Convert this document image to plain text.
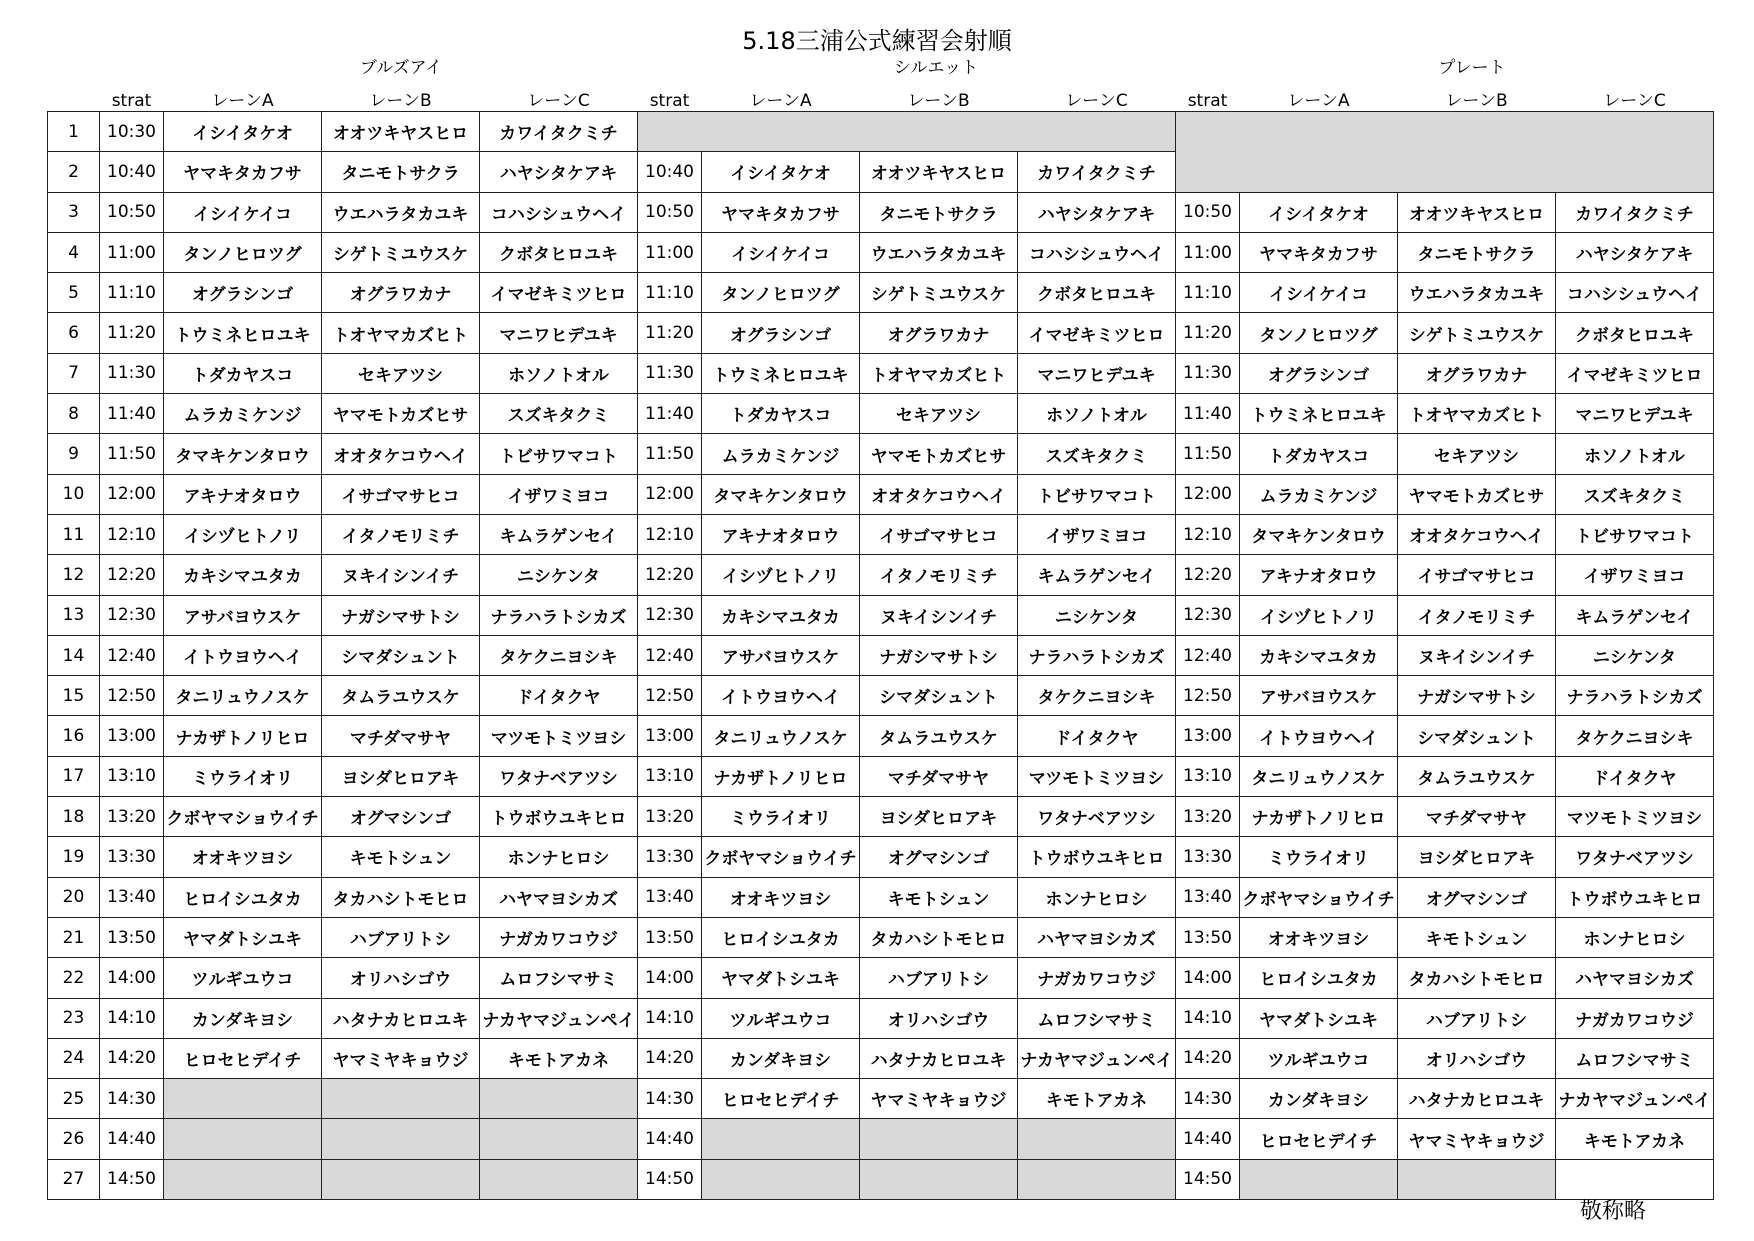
5.18三浦公式練習会射順
ブルズアイ	シルエット	プレート
	strat	レーンA	レーンB	レーンC	strat	レーンA	レーンB	レーンC	strat	レーンA	レーンB	レーンC
1	10:30	イシイタケオ	オオツキヤスヒロ	カワイタクミチ								
2	10:40	ヤマキタカフサ	タニモトサクラ	ハヤシタケアキ	10:40	イシイタケオ	オオツキヤスヒロ	カワイタクミチ				
3	10:50	イシイケイコ	ウエハラタカユキ	コハシシュウヘイ	10:50	ヤマキタカフサ	タニモトサクラ	ハヤシタケアキ	10:50	イシイタケオ	オオツキヤスヒロ	カワイタクミチ
4	11:00	タンノヒロツグ	シゲトミユウスケ	クボタヒロユキ	11:00	イシイケイコ	ウエハラタカユキ	コハシシュウヘイ	11:00	ヤマキタカフサ	タニモトサクラ	ハヤシタケアキ
5	11:10	オグラシンゴ	オグラワカナ	イマゼキミツヒロ	11:10	タンノヒロツグ	シゲトミユウスケ	クボタヒロユキ	11:10	イシイケイコ	ウエハラタカユキ	コハシシュウヘイ
6	11:20	トウミネヒロユキ	トオヤマカズヒト	マニワヒデユキ	11:20	オグラシンゴ	オグラワカナ	イマゼキミツヒロ	11:20	タンノヒロツグ	シゲトミユウスケ	クボタヒロユキ
7	11:30	トダカヤスコ	セキアツシ	ホソノトオル	11:30	トウミネヒロユキ	トオヤマカズヒト	マニワヒデユキ	11:30	オグラシンゴ	オグラワカナ	イマゼキミツヒロ
8	11:40	ムラカミケンジ	ヤマモトカズヒサ	スズキタクミ	11:40	トダカヤスコ	セキアツシ	ホソノトオル	11:40	トウミネヒロユキ	トオヤマカズヒト	マニワヒデユキ
9	11:50	タマキケンタロウ	オオタケコウヘイ	トビサワマコト	11:50	ムラカミケンジ	ヤマモトカズヒサ	スズキタクミ	11:50	トダカヤスコ	セキアツシ	ホソノトオル
10	12:00	アキナオタロウ	イサゴマサヒコ	イザワミヨコ	12:00	タマキケンタロウ	オオタケコウヘイ	トビサワマコト	12:00	ムラカミケンジ	ヤマモトカズヒサ	スズキタクミ
11	12:10	イシヅヒトノリ	イタノモリミチ	キムラゲンセイ	12:10	アキナオタロウ	イサゴマサヒコ	イザワミヨコ	12:10	タマキケンタロウ	オオタケコウヘイ	トビサワマコト
12	12:20	カキシマユタカ	ヌキイシンイチ	ニシケンタ	12:20	イシヅヒトノリ	イタノモリミチ	キムラゲンセイ	12:20	アキナオタロウ	イサゴマサヒコ	イザワミヨコ
13	12:30	アサバヨウスケ	ナガシマサトシ	ナラハラトシカズ	12:30	カキシマユタカ	ヌキイシンイチ	ニシケンタ	12:30	イシヅヒトノリ	イタノモリミチ	キムラゲンセイ
14	12:40	イトウヨウヘイ	シマダシュント	タケクニヨシキ	12:40	アサバヨウスケ	ナガシマサトシ	ナラハラトシカズ	12:40	カキシマユタカ	ヌキイシンイチ	ニシケンタ
15	12:50	タニリュウノスケ	タムラユウスケ	ドイタクヤ	12:50	イトウヨウヘイ	シマダシュント	タケクニヨシキ	12:50	アサバヨウスケ	ナガシマサトシ	ナラハラトシカズ
16	13:00	ナカザトノリヒロ	マチダマサヤ	マツモトミツヨシ	13:00	タニリュウノスケ	タムラユウスケ	ドイタクヤ	13:00	イトウヨウヘイ	シマダシュント	タケクニヨシキ
17	13:10	ミウライオリ	ヨシダヒロアキ	ワタナベアツシ	13:10	ナカザトノリヒロ	マチダマサヤ	マツモトミツヨシ	13:10	タニリュウノスケ	タムラユウスケ	ドイタクヤ
18	13:20	クボヤマショウイチ	オグマシンゴ	トウボウユキヒロ	13:20	ミウライオリ	ヨシダヒロアキ	ワタナベアツシ	13:20	ナカザトノリヒロ	マチダマサヤ	マツモトミツヨシ
19	13:30	オオキツヨシ	キモトシュン	ホンナヒロシ	13:30	クボヤマショウイチ	オグマシンゴ	トウボウユキヒロ	13:30	ミウライオリ	ヨシダヒロアキ	ワタナベアツシ
20	13:40	ヒロイシユタカ	タカハシトモヒロ	ハヤマヨシカズ	13:40	オオキツヨシ	キモトシュン	ホンナヒロシ	13:40	クボヤマショウイチ	オグマシンゴ	トウボウユキヒロ
21	13:50	ヤマダトシユキ	ハブアリトシ	ナガカワコウジ	13:50	ヒロイシユタカ	タカハシトモヒロ	ハヤマヨシカズ	13:50	オオキツヨシ	キモトシュン	ホンナヒロシ
22	14:00	ツルギユウコ	オリハシゴウ	ムロフシマサミ	14:00	ヤマダトシユキ	ハブアリトシ	ナガカワコウジ	14:00	ヒロイシユタカ	タカハシトモヒロ	ハヤマヨシカズ
23	14:10	カンダキヨシ	ハタナカヒロユキ	ナカヤマジュンペイ	14:10	ツルギユウコ	オリハシゴウ	ムロフシマサミ	14:10	ヤマダトシユキ	ハブアリトシ	ナガカワコウジ
24	14:20	ヒロセヒデイチ	ヤマミヤキョウジ	キモトアカネ	14:20	カンダキヨシ	ハタナカヒロユキ	ナカヤマジュンペイ	14:20	ツルギユウコ	オリハシゴウ	ムロフシマサミ
25	14:30				14:30	ヒロセヒデイチ	ヤマミヤキョウジ	キモトアカネ	14:30	カンダキヨシ	ハタナカヒロユキ	ナカヤマジュンペイ
26	14:40				14:40				14:40	ヒロセヒデイチ	ヤマミヤキョウジ	キモトアカネ
27	14:50				14:50				14:50			
敬称略
